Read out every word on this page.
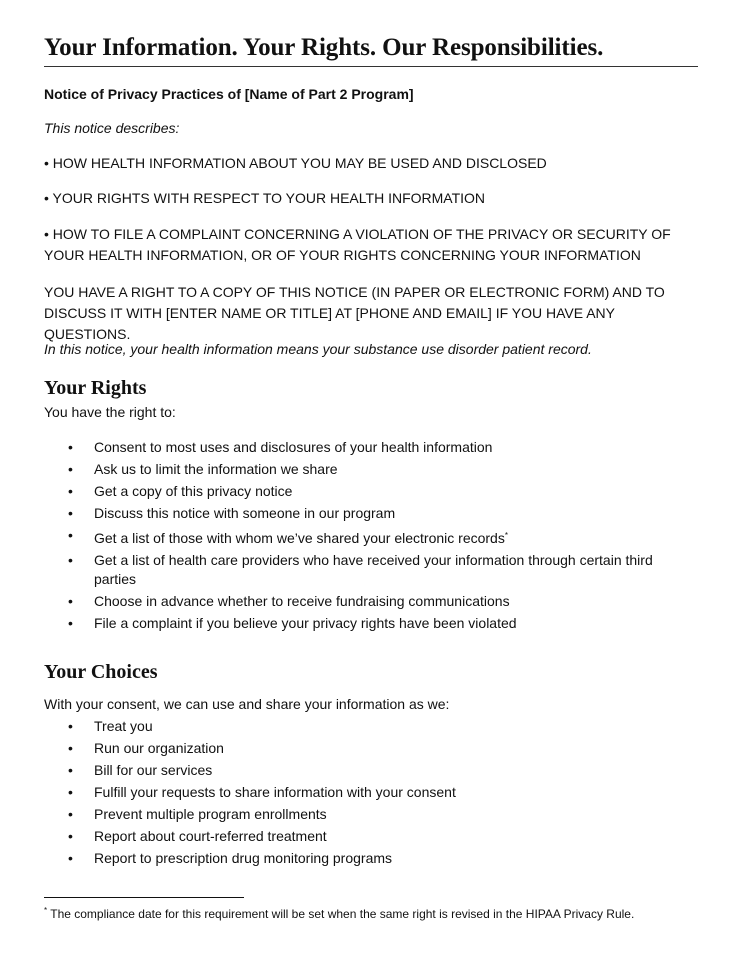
Your Information. Your Rights. Our Responsibilities.

Notice of Privacy Practices of [Name of Part 2 Program]

This notice describes:

• HOW HEALTH INFORMATION ABOUT YOU MAY BE USED AND DISCLOSED

• YOUR RIGHTS WITH RESPECT TO YOUR HEALTH INFORMATION

• HOW TO FILE A COMPLAINT CONCERNING A VIOLATION OF THE PRIVACY OR SECURITY OF YOUR HEALTH INFORMATION, OR OF YOUR RIGHTS CONCERNING YOUR INFORMATION

YOU HAVE A RIGHT TO A COPY OF THIS NOTICE (IN PAPER OR ELECTRONIC FORM) AND TO DISCUSS IT WITH [ENTER NAME OR TITLE] AT [PHONE AND EMAIL] IF YOU HAVE ANY QUESTIONS.

In this notice, your health information means your substance use disorder patient record.

Your Rights

You have the right to:

• Consent to most uses and disclosures of your health information
• Ask us to limit the information we share
• Get a copy of this privacy notice
• Discuss this notice with someone in our program
• Get a list of those with whom we’ve shared your electronic records*
• Get a list of health care providers who have received your information through certain third parties
• Choose in advance whether to receive fundraising communications
• File a complaint if you believe your privacy rights have been violated
Your Choices

With your consent, we can use and share your information as we:

• Treat you
• Run our organization
• Bill for our services
• Fulfill your requests to share information with your consent
• Prevent multiple program enrollments
• Report about court-referred treatment
• Report to prescription drug monitoring programs

* The compliance date for this requirement will be set when the same right is revised in the HIPAA Privacy Rule.
